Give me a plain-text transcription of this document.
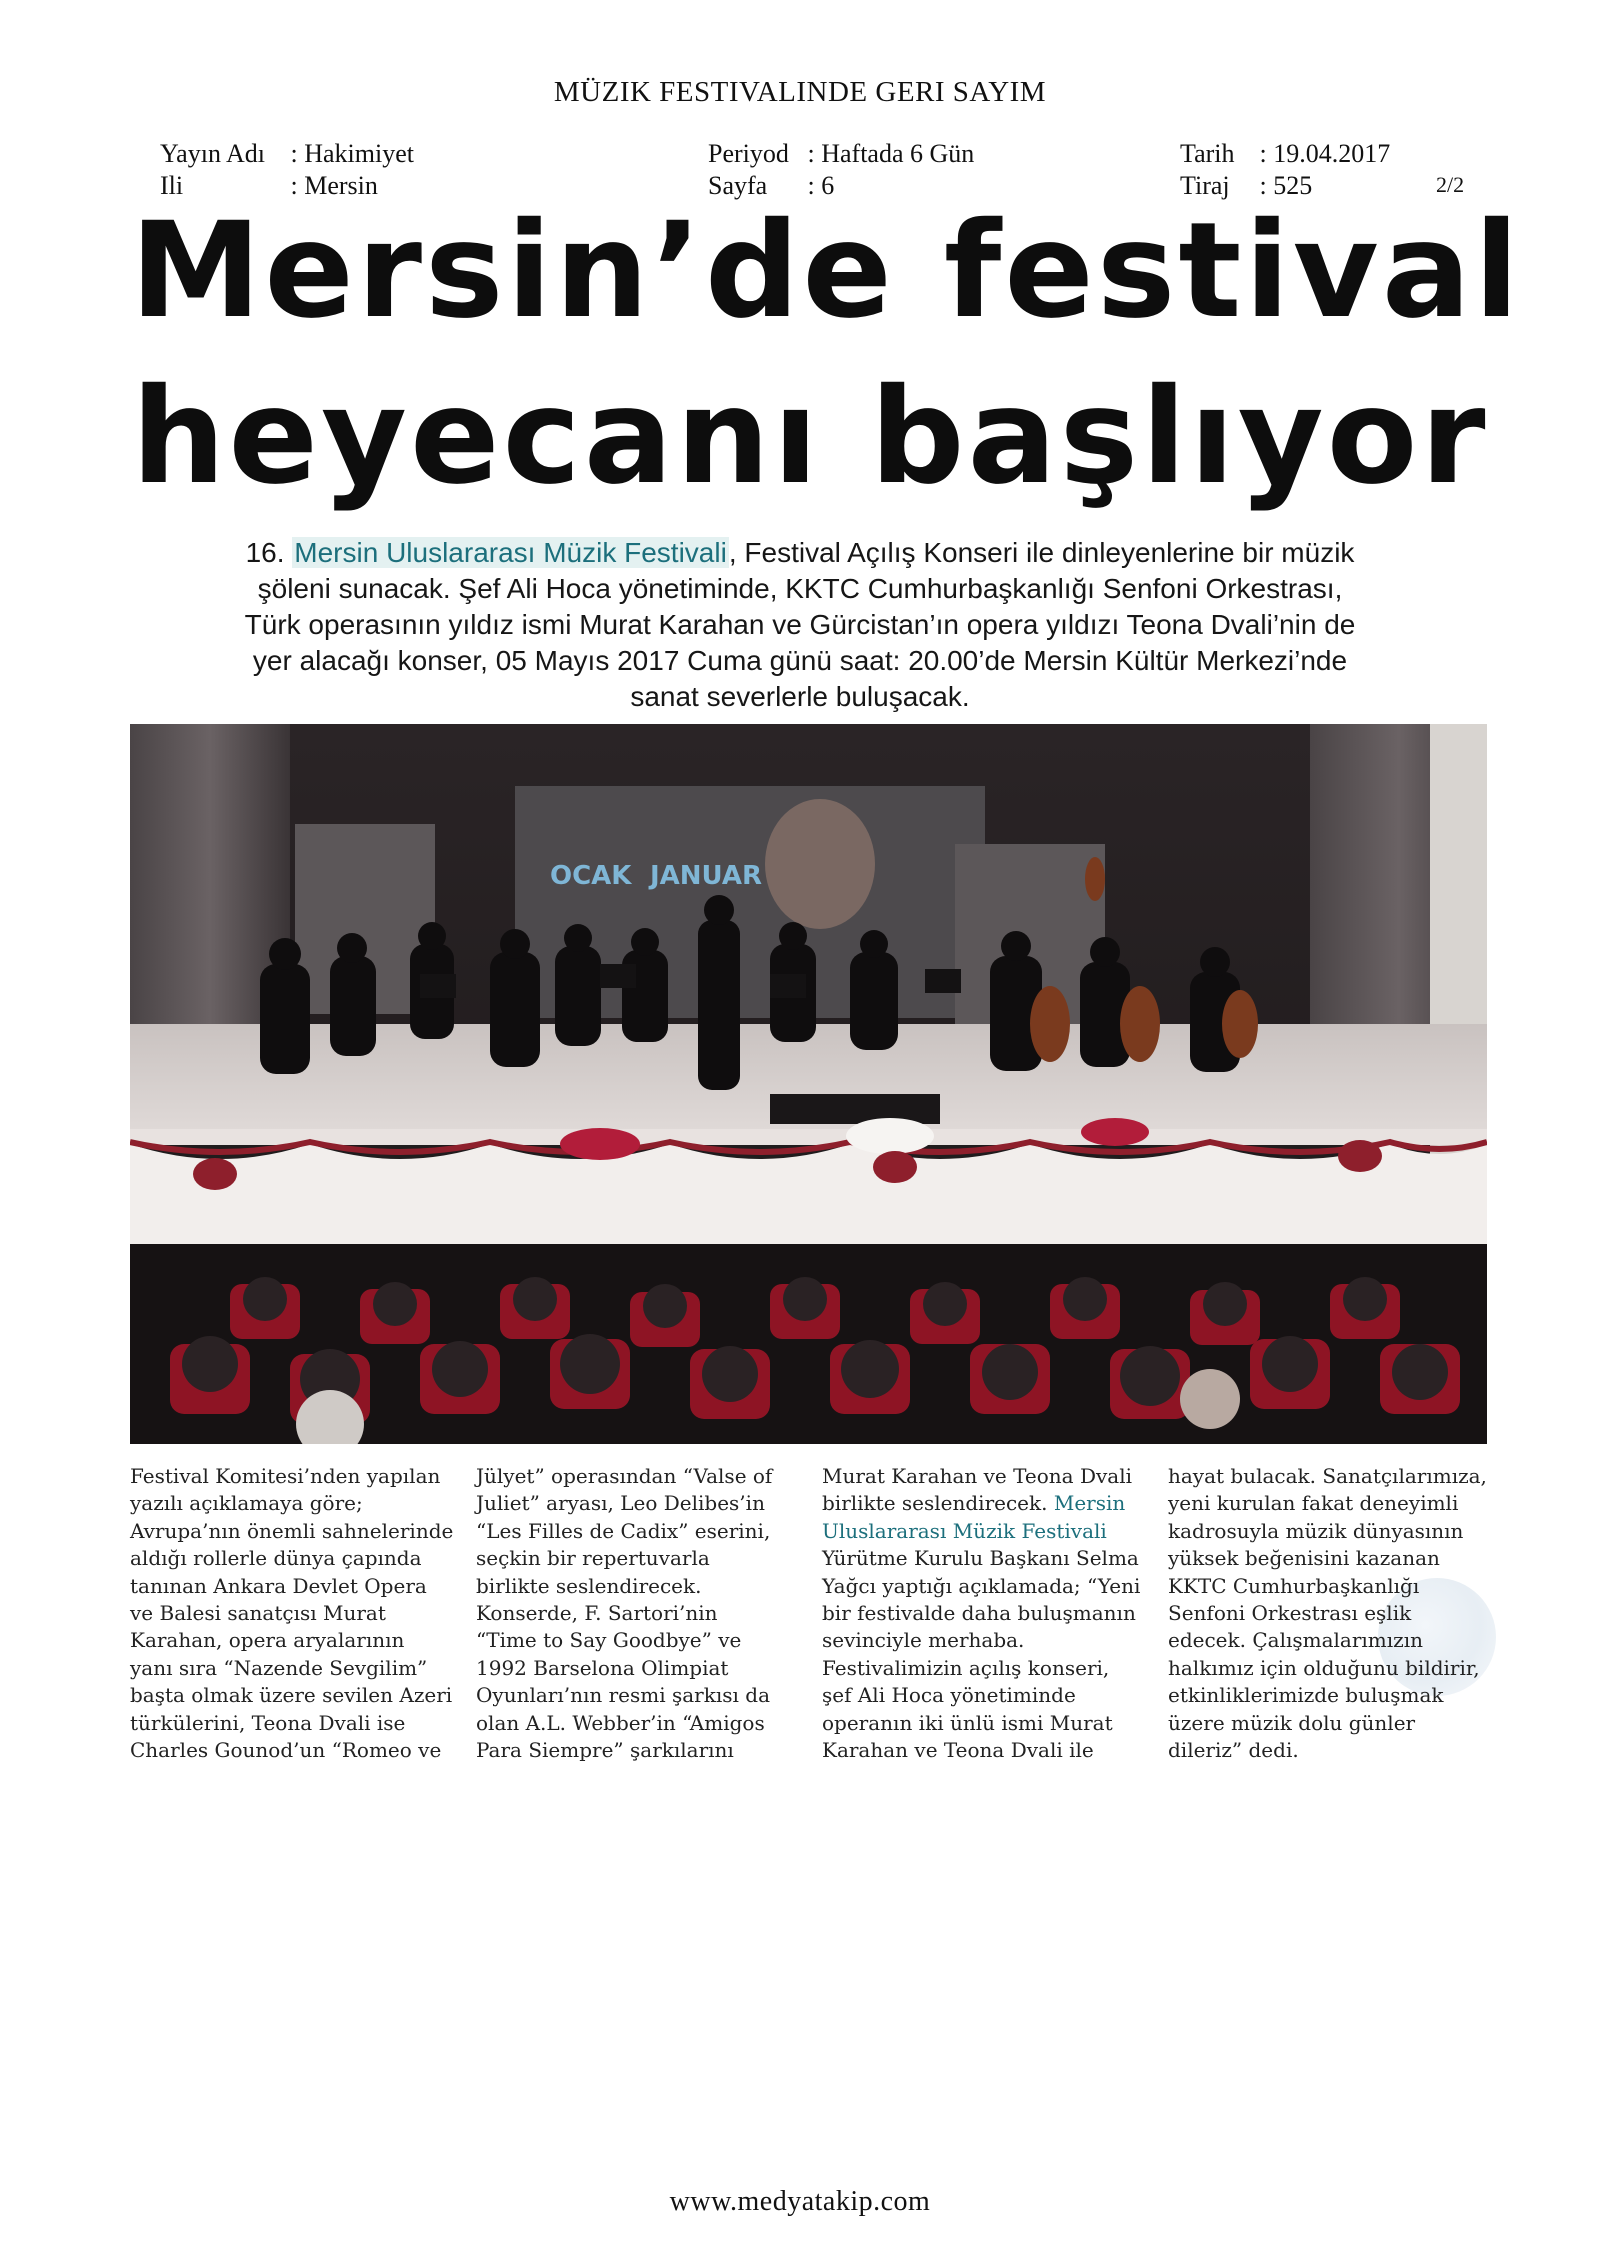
MÜZIK FESTIVALINDE GERI SAYIM
Yayın Adı : Hakimiyet
Ili	: Mersin
Periyod : Haftada 6 Gün
Sayfa : 6
Tarih : 19.04.2017
Tiraj : 525	2/2
Mersin’de festival
heyecanı başlıyor
16. Mersin Uluslararası Müzik Festivali, Festival Açılış Konseri ile dinleyenlerine bir müzik
şöleni sunacak. Şef Ali Hoca yönetiminde, KKTC Cumhurbaşkanlığı Senfoni Orkestrası,
Türk operasının yıldız ismi Murat Karahan ve Gürcistan’ın opera yıldızı Teona Dvali’nin de
yer alacağı konser, 05 Mayıs 2017 Cuma günü saat: 20.00’de Mersin Kültür Merkezi’nde
sanat severlerle buluşacak.
OCAK JANUAR
Festival Komitesi’nden yapılan
yazılı açıklamaya göre;
Avrupa’nın önemli sahnelerinde
aldığı rollerle dünya çapında
tanınan Ankara Devlet Opera
ve Balesi sanatçısı Murat
Karahan, opera aryalarının
yanı sıra “Nazende Sevgilim”
başta olmak üzere sevilen Azeri
türkülerini, Teona Dvali ise
Charles Gounod’un “Romeo ve
Jülyet” operasından “Valse of
Juliet” aryası, Leo Delibes’in
“Les Filles de Cadix” eserini,
seçkin bir repertuvarla
birlikte seslendirecek.
Konserde, F. Sartori’nin
“Time to Say Goodbye” ve
1992 Barselona Olimpiat
Oyunları’nın resmi şarkısı da
olan A.L. Webber’in “Amigos
Para Siempre” şarkılarını
Murat Karahan ve Teona Dvali
birlikte seslendirecek. Mersin
Uluslararası Müzik Festivali
Yürütme Kurulu Başkanı Selma
Yağcı yaptığı açıklamada; “Yeni
bir festivalde daha buluşmanın
sevinciyle merhaba.
Festivalimizin açılış konseri,
şef Ali Hoca yönetiminde
operanın iki ünlü ismi Murat
Karahan ve Teona Dvali ile
hayat bulacak. Sanatçılarımıza,
yeni kurulan fakat deneyimli
kadrosuyla müzik dünyasının
yüksek beğenisini kazanan
KKTC Cumhurbaşkanlığı
Senfoni Orkestrası eşlik
edecek. Çalışmalarımızın
halkımız için olduğunu bildirir,
etkinliklerimizde buluşmak
üzere müzik dolu günler
dileriz” dedi.
www.medyatakip.com
